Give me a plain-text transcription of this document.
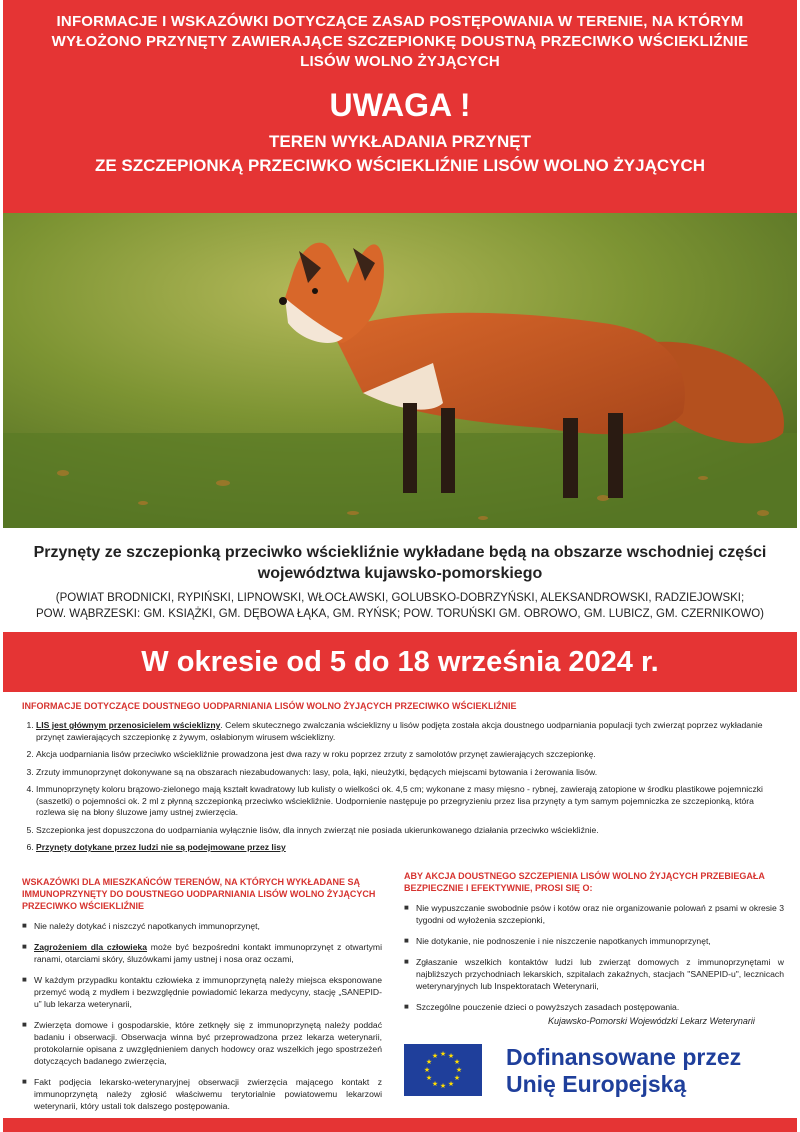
INFORMACJE I WSKAZÓWKI DOTYCZĄCE ZASAD POSTĘPOWANIA W TERENIE, NA KTÓRYM WYŁOŻONO PRZYNĘTY ZAWIERAJĄCE SZCZEPIONKĘ DOUSTNĄ PRZECIWKO WŚCIEKLIŹNIE LISÓW WOLNO ŻYJĄCYCH
UWAGA !
TEREN WYKŁADANIA PRZYNĘT
ZE SZCZEPIONKĄ PRZECIWKO WŚCIEKLIŹNIE LISÓW WOLNO ŻYJĄCYCH
Przynęty ze szczepionką przeciwko wściekliźnie wykładane będą na obszarze wschodniej części województwa kujawsko-pomorskiego
(POWIAT BRODNICKI, RYPIŃSKI, LIPNOWSKI, WŁOCŁAWSKI, GOLUBSKO-DOBRZYŃSKI, ALEKSANDROWSKI, RADZIEJOWSKI;
POW. WĄBRZESKI: GM. KSIĄŻKI, GM. DĘBOWA ŁĄKA, GM. RYŃSK; POW. TORUŃSKI GM. OBROWO, GM. LUBICZ, GM. CZERNIKOWO)
W okresie od 5 do 18 września 2024 r.
INFORMACJE DOTYCZĄCE DOUSTNEGO UODPARNIANIA LISÓW WOLNO ŻYJĄCYCH PRZECIWKO WŚCIEKLIŹNIE
1. LIS jest głównym przenosicielem wścieklizny. Celem skutecznego zwalczania wścieklizny u lisów podjęta została akcja doustnego uodparniania populacji tych zwierząt poprzez wykładanie przynęt zawierających szczepionkę z żywym, osłabionym wirusem wścieklizny.
2. Akcja uodparniania lisów przeciwko wściekliźnie prowadzona jest dwa razy w roku poprzez zrzuty z samolotów przynęt zawierających szczepionkę.
3. Zrzuty immunoprzynęt dokonywane są na obszarach niezabudowanych: lasy, pola, łąki, nieużytki, będących miejscami bytowania i żerowania lisów.
4. Immunoprzynęty koloru brązowo-zielonego mają kształt kwadratowy lub kulisty o wielkości ok. 4,5 cm; wykonane z masy mięsno - rybnej, zawierają zatopione w środku plastikowe pojemniczki (saszetki) o pojemności ok. 2 ml z płynną szczepionką przeciwko wściekliźnie. Uodpornienie następuje po przegryzieniu przez lisa przynęty a tym samym pojemniczka ze szczepionką, która rozlewa się na błony śluzowe jamy ustnej zwierzęcia.
5. Szczepionka jest dopuszczona do uodparniania wyłącznie lisów, dla innych zwierząt nie posiada ukierunkowanego działania przeciwko wściekliźnie.
6. Przynęty dotykane przez ludzi nie są podejmowane przez lisy
WSKAZÓWKI DLA MIESZKAŃCÓW TERENÓW, NA KTÓRYCH WYKŁADANE SĄ IMMUNOPRZYNĘTY DO DOUSTNEGO UODPARNIANIA LISÓW WOLNO ŻYJĄCYCH PRZECIWKO WŚCIEKLIŹNIE
■ Nie należy dotykać i niszczyć napotkanych immunoprzynęt,
■ Zagrożeniem dla człowieka może być bezpośredni kontakt immunoprzynęt z otwartymi ranami, otarciami skóry, śluzówkami jamy ustnej i nosa oraz oczami,
■ W każdym przypadku kontaktu człowieka z immunoprzynętą należy miejsca eksponowane przemyć wodą z mydłem i bezwzględnie powiadomić lekarza medycyny, stację „SANEPID-u” lub lekarza weterynarii,
■ Zwierzęta domowe i gospodarskie, które zetknęły się z immunoprzynętą należy poddać badaniu i obserwacji. Obserwacja winna być przeprowadzona przez lekarza weterynarii, protokolarnie opisana z uwzględnieniem danych hodowcy oraz wszelkich jego spostrzeżeń dotyczących badanego zwierzęcia,
■ Fakt podjęcia lekarsko-weterynaryjnej obserwacji zwierzęcia mającego kontakt z immunoprzynętą należy zgłosić właściwemu terytorialnie powiatowemu lekarzowi weterynarii, który ustali tok dalszego postępowania.
ABY AKCJA DOUSTNEGO SZCZEPIENIA LISÓW WOLNO ŻYJĄCYCH PRZEBIEGAŁA BEZPIECZNIE I EFEKTYWNIE, PROSI SIĘ O:
■ Nie wypuszczanie swobodnie psów i kotów oraz nie organizowanie polowań z psami w okresie 3 tygodni od wyłożenia szczepionki,
■ Nie dotykanie, nie podnoszenie i nie niszczenie napotkanych immunoprzynęt,
■ Zgłaszanie wszelkich kontaktów ludzi lub zwierząt domowych z immunoprzynętami w najbliższych przychodniach lekarskich, szpitalach zakaźnych, stacjach "SANEPID-u", lecznicach weterynaryjnych lub Inspektoratach Weterynarii,
■ Szczególne pouczenie dzieci o powyższych zasadach postępowania.
Kujawsko-Pomorski Wojewódzki Lekarz Weterynarii
★ ★
★
★
★
★
★
★
★
★
★
★	Dofinansowane przez
Unię Europejską
